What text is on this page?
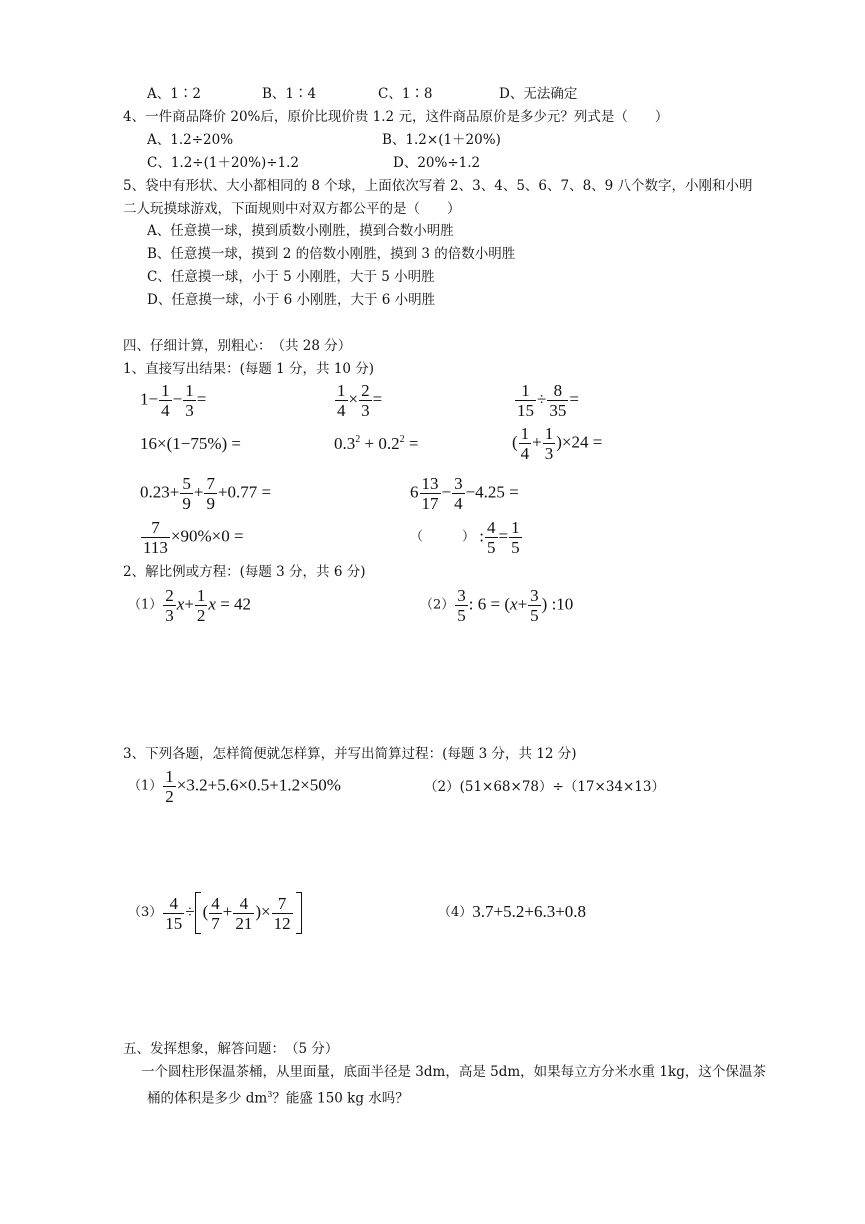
A、1∶2	B、1∶4	C、1∶8	D、无法确定
4、一件商品降价 20%后，原价比现价贵 1.2 元，这件商品原价是多少元？列式是（　　）
A、1.2÷20%	B、1.2×(1＋20%)
C、1.2÷(1＋20%)÷1.2	D、20%÷1.2
5、袋中有形状、大小都相同的 8 个球，上面依次写着 2、3、4、5、6、7、8、9 八个数字，小刚和小明
二人玩摸球游戏，下面规则中对双方都公平的是（　　）
A、任意摸一球，摸到质数小刚胜，摸到合数小明胜
B、任意摸一球，摸到 2 的倍数小刚胜，摸到 3 的倍数小明胜
C、任意摸一球，小于 5 小刚胜，大于 5 小明胜
D、任意摸一球，小于 6 小刚胜，大于 6 小明胜
四、仔细计算，别粗心：　（共 28 分）
1、直接写出结果：(每题 1 分，共 10 分)
$1- \frac{1}{4} - \frac{1}{3}$ =	$\frac{1}{4} \times \frac{2}{3}$ =	$\frac{1}{15} \div \frac{8}{35}$ =
16×(1−75%) =	$0.3^2 + 0.2^2$ =	( $\frac{1}{4} + \frac{1}{3} )\times 24$ =
$0.23+ \frac{5}{9} + \frac{7}{9} +0.77$ =	$6 \frac{13}{17} - \frac{3}{4} -4.25$ =
$\frac{7}{113} \times 90\%\times 0$ =	（　　　） : $\frac{4}{5} = \frac{1}{5}$
2、解比例或方程：(每题 3 分，共 6 分)
$(1) \frac{2}{3} x+ \frac{1}{2}$ x = 42	$(2) \frac{3}{5}$ : $6 = (x+ \frac{3}{5}$ ) :10
3、下列各题，怎样简便就怎样算，并写出简算过程：(每题 3 分，共 12 分)
$(1) \frac{1}{2} \times 3.2+5.6\times 0.5+1.2\times 50\%$	（2）(51×68×78）÷（17×34×13）
$(3) \frac{4}{15}$ ÷ ( $\frac{4}{7} + \frac{4}{21}$ )× $\frac{7}{12}$	（4）3.7+5.2+6.3+0.8
五、发挥想象，解答问题：　（5 分）
一个圆柱形保温茶桶，从里面量，底面半径是 3dm，高是 5dm，如果每立方分米水重 1kg，这个保温茶
桶的体积是多少 $dm^3$？能盛 150 kg 水吗？
